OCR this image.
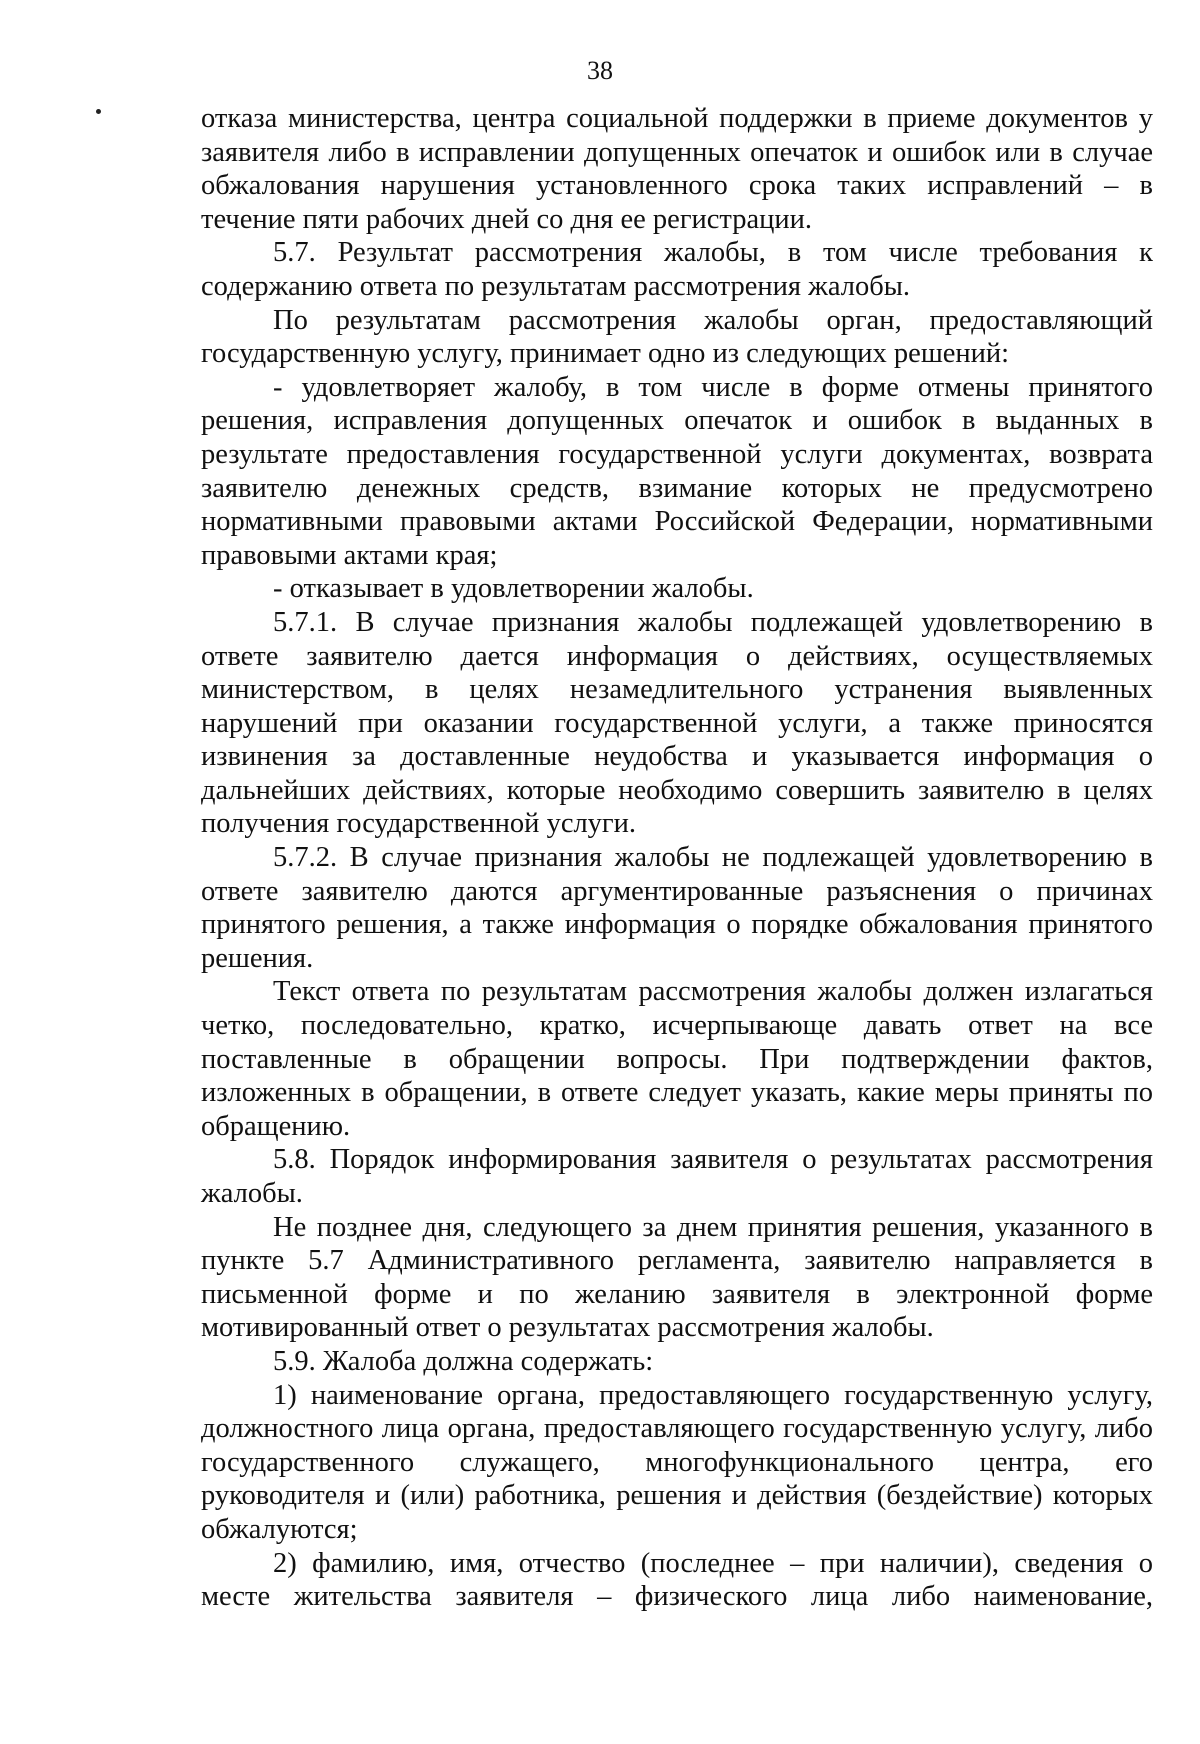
38

отказа министерства, центра социальной поддержки в приеме документов у заявителя либо в исправлении допущенных опечаток и ошибок или в случае обжалования нарушения установленного срока таких исправлений – в течение пяти рабочих дней со дня ее регистрации.

5.7. Результат рассмотрения жалобы, в том числе требования к содержанию ответа по результатам рассмотрения жалобы.

По результатам рассмотрения жалобы орган, предоставляющий государственную услугу, принимает одно из следующих решений:

- удовлетворяет жалобу, в том числе в форме отмены принятого решения, исправления допущенных опечаток и ошибок в выданных в результате предоставления государственной услуги документах, возврата заявителю денежных средств, взимание которых не предусмотрено нормативными правовыми актами Российской Федерации, нормативными правовыми актами края;

- отказывает в удовлетворении жалобы.

5.7.1. В случае признания жалобы подлежащей удовлетворению в ответе заявителю дается информация о действиях, осуществляемых министерством, в целях незамедлительного устранения выявленных нарушений при оказании государственной услуги, а также приносятся извинения за доставленные неудобства и указывается информация о дальнейших действиях, которые необходимо совершить заявителю в целях получения государственной услуги.

5.7.2. В случае признания жалобы не подлежащей удовлетворению в ответе заявителю даются аргументированные разъяснения о причинах принятого решения, а также информация о порядке обжалования принятого решения.

Текст ответа по результатам рассмотрения жалобы должен излагаться четко, последовательно, кратко, исчерпывающе давать ответ на все поставленные в обращении вопросы. При подтверждении фактов, изложенных в обращении, в ответе следует указать, какие меры приняты по обращению.

5.8. Порядок информирования заявителя о результатах рассмотрения жалобы.

Не позднее дня, следующего за днем принятия решения, указанного в пункте 5.7 Административного регламента, заявителю направляется в письменной форме и по желанию заявителя в электронной форме мотивированный ответ о результатах рассмотрения жалобы.

5.9. Жалоба должна содержать:

1) наименование органа, предоставляющего государственную услугу, должностного лица органа, предоставляющего государственную услугу, либо государственного служащего, многофункционального центра, его руководителя и (или) работника, решения и действия (бездействие) которых обжалуются;

2) фамилию, имя, отчество (последнее – при наличии), сведения о месте жительства заявителя – физического лица либо наименование,
